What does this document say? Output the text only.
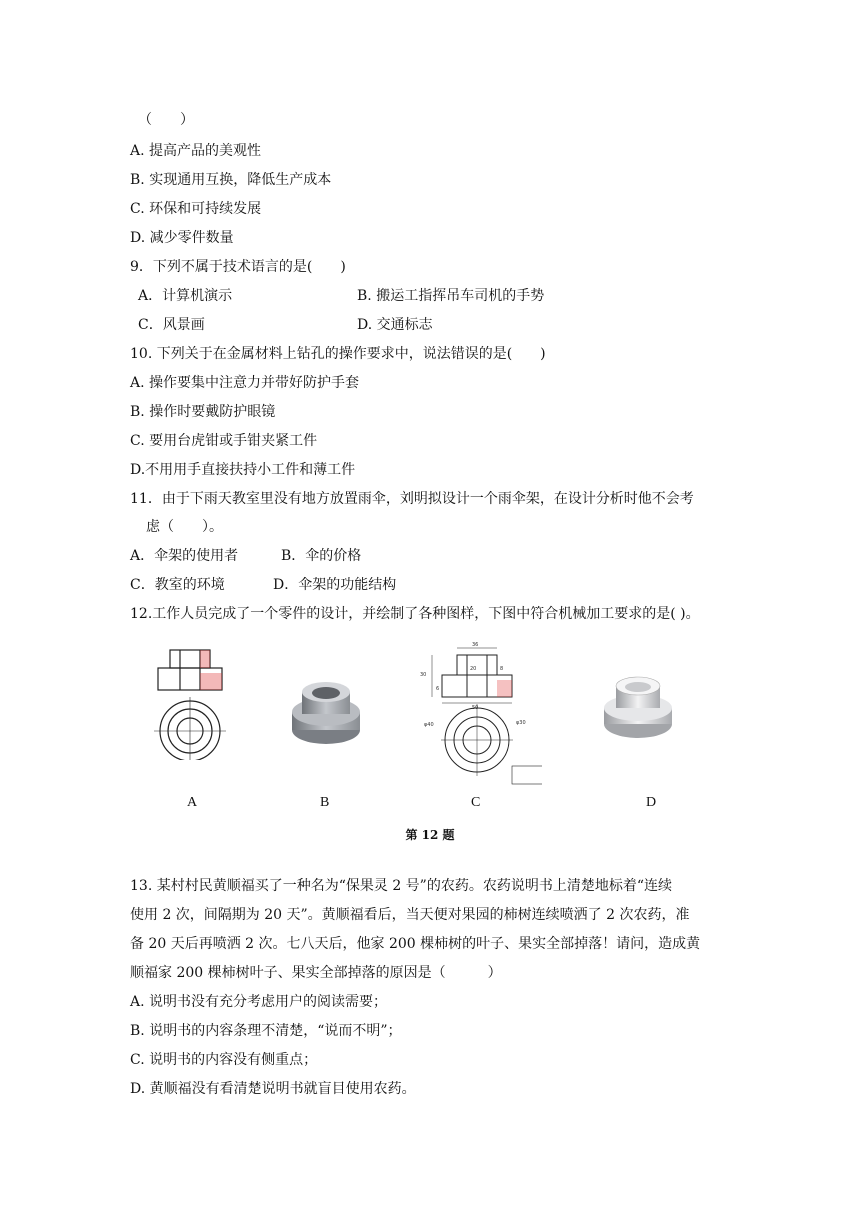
（　　）
A. 提高产品的美观性
B. 实现通用互换，降低生产成本
C. 环保和可持续发展
D. 减少零件数量
9．下列不属于技术语言的是(　　)
A．计算机演示	B. 搬运工指挥吊车司机的手势
C．风景画	D. 交通标志
10. 下列关于在金属材料上钻孔的操作要求中，说法错误的是(　　)
A. 操作要集中注意力并带好防护手套
B. 操作时要戴防护眼镜
C. 要用台虎钳或手钳夹紧工件
D.不用用手直接扶持小工件和薄工件
11．由于下雨天教室里没有地方放置雨伞，刘明拟设计一个雨伞架，在设计分析时他不会考
虑（　　）。
A．伞架的使用者	B．伞的价格
C．教室的环境	D．伞架的功能结构
12.工作人员完成了一个零件的设计，并绘制了各种图样，下图中符合机械加工要求的是( )。
36
30
20	8
6
50
φ40	φ30
A	B	C	D
第 12 题
13. 某村村民黄顺福买了一种名为“保果灵 2 号”的农药。农药说明书上清楚地标着“连续
使用 2 次，间隔期为 20 天”。黄顺福看后，当天便对果园的柿树连续喷洒了 2 次农药，准
备 20 天后再喷洒 2 次。七八天后，他家 200 棵柿树的叶子、果实全部掉落！请问，造成黄
顺福家 200 棵柿树叶子、果实全部掉落的原因是（　　　）
A. 说明书没有充分考虑用户的阅读需要；
B. 说明书的内容条理不清楚，“说而不明”；
C. 说明书的内容没有侧重点；
D. 黄顺福没有看清楚说明书就盲目使用农药。
